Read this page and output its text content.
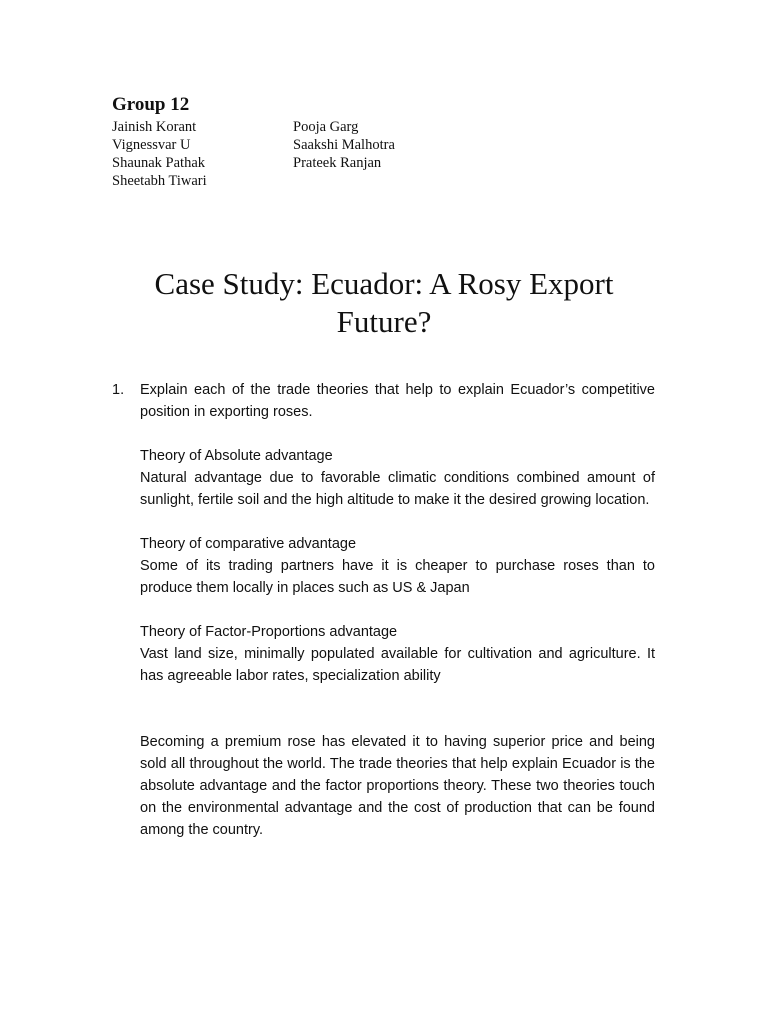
Group 12
Jainish Korant
Vignessvar U
Shaunak Pathak
Sheetabh Tiwari
Pooja Garg
Saakshi Malhotra
Prateek Ranjan
Case Study: Ecuador: A Rosy Export
Future?
1. Explain each of the trade theories that help to explain Ecuador’s competitive position in exporting roses.

Theory of Absolute advantage

Natural advantage due to favorable climatic conditions combined amount of sunlight, fertile soil and the high altitude to make it the desired growing location.

Theory of comparative advantage

Some of its trading partners have it is cheaper to purchase roses than to produce them locally in places such as US & Japan

Theory of Factor-Proportions advantage

Vast land size, minimally populated available for cultivation and agriculture. It has agreeable labor rates, specialization ability

Becoming a premium rose has elevated it to having superior price and being sold all throughout the world. The trade theories that help explain Ecuador is the absolute advantage and the factor proportions theory. These two theories touch on the environmental advantage and the cost of production that can be found among the country.
